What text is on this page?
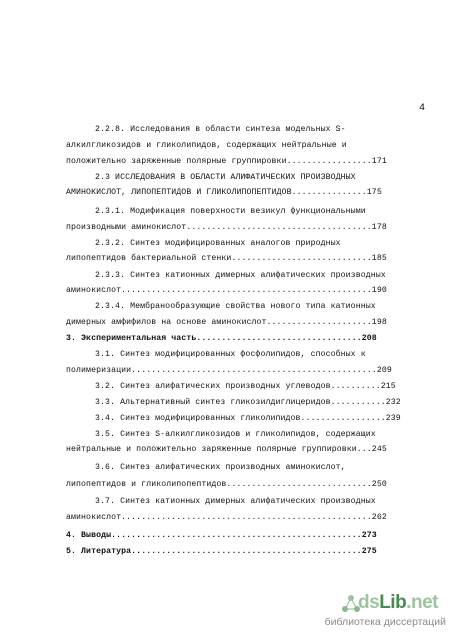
4
2.2.8. Исследования в области синтеза модельных S-
алкилгликозидов и гликолипидов, содержащих нейтральные и
положительно заряженные полярные группировки.................171
2.3 ИССЛЕДОВАНИЯ В ОБЛАСТИ АЛИФАТИЧЕСКИХ ПРОИЗВОДНЫХ
АМИНОКИСЛОТ, ЛИПОПЕПТИДОВ И ГЛИКОЛИПОПЕПТИДОВ...............175
2.3.1. Модификация поверхности везикул функциональными
производными аминокислот.....................................178
2.3.2. Синтез модифицированных аналогов природных
липопептидов бактериальной стенки............................185
2.3.3. Синтез катионных димерных алифатических производных
аминокислот..................................................190
2.3.4. Мембранообразующие свойства нового типа катионных
димерных амфифилов на основе аминокислот.....................198
3. Экспериментальная часть.................................208
3.1. Синтез модифицированных фосфолипидов, способных к
полимеризации.................................................209
3.2. Синтез алифатических производных углеводов..........215
3.3. Альтернативный синтез гликозилдиглицеридов...........232
3.4. Синтез модифицированных гликолипидов.................239
3.5. Синтез S-алкилгликозидов и гликолипидов, содержащих
нейтральные и положительно заряженные полярные группировки...245
3.6. Синтез алифатических производных аминокислот,
липопептидов и гликолипопептидов.............................250
3.7. Синтез катионных димерных алифатических производных
аминокислот..................................................262
4. Выводы..................................................273
5. Литература..............................................275
dsLib.net
библиотека диссертаций
